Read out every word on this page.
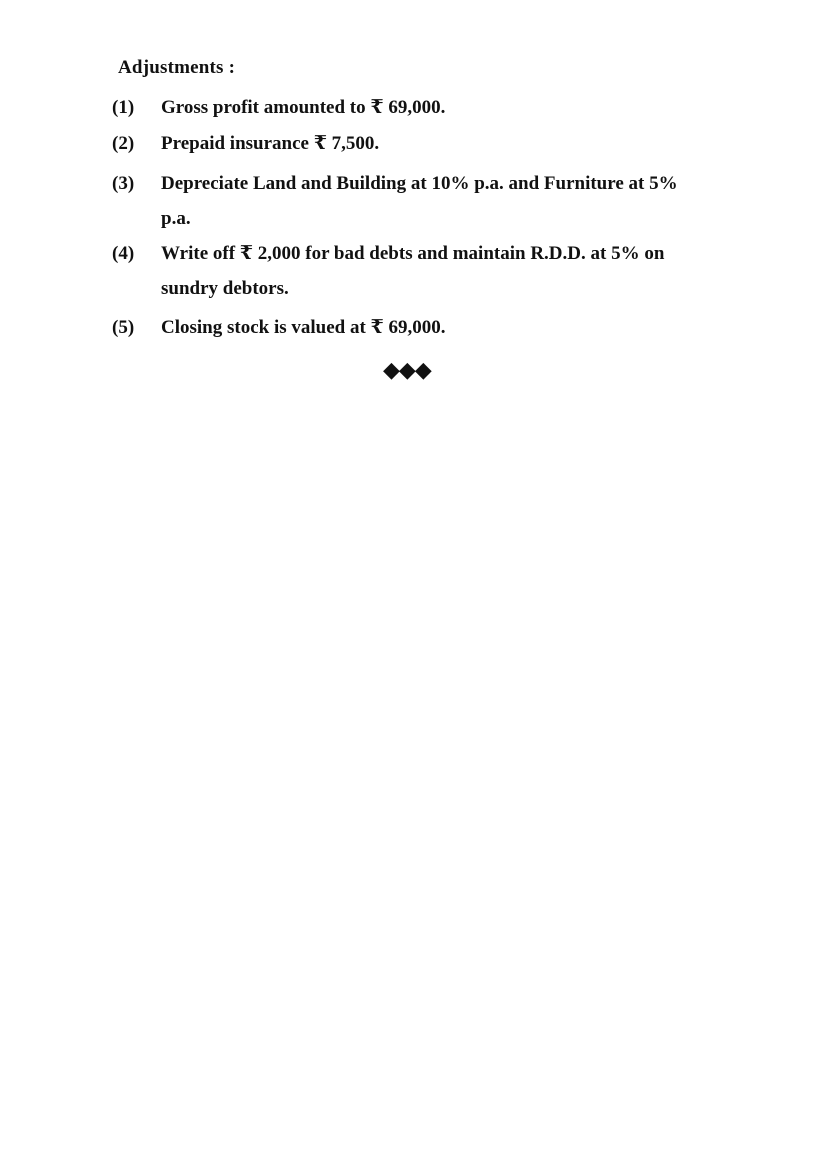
Adjustments :
(1)	Gross profit amounted to ₹ 69,000.
(2)	Prepaid insurance ₹ 7,500.
(3)	Depreciate Land and Building at 10% p.a. and Furniture at 5% p.a.
(4)	Write off ₹ 2,000 for bad debts and maintain R.D.D. at 5% on sundry debtors.
(5)	Closing stock is valued at ₹ 69,000.
◆◆◆
